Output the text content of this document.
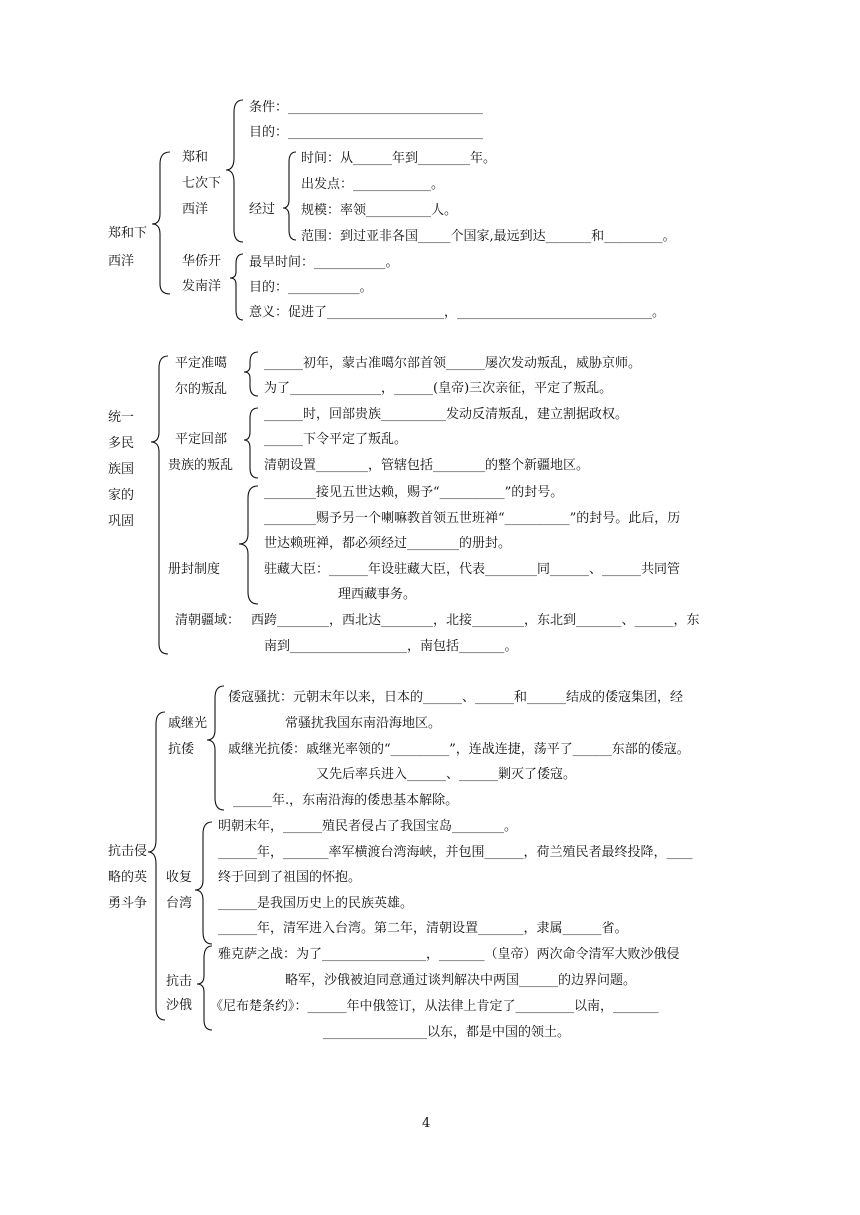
郑和下
西洋
郑和
七次下
西洋
条件：______________________________
目的：______________________________
经过
时间：从______年到________年。
出发点：____________。
规模：率领__________人。
范围：到过亚非各国_____个国家,最远到达_______和_________。
华侨开
发南洋
最早时间：___________。
目的：___________。
意义：促进了__________________，______________________________。
统一
多民
族国
家的
巩固
平定准噶
尔的叛乱
______初年，蒙古准噶尔部首领______屡次发动叛乱，威胁京师。
为了______________，______(皇帝)三次亲征，平定了叛乱。
平定回部
贵族的叛乱
______时，回部贵族__________发动反清叛乱，建立割据政权。
______下令平定了叛乱。
清朝设置________，管辖包括________的整个新疆地区。
册封制度
________接见五世达赖，赐予“__________”的封号。
________赐予另一个喇嘛教首领五世班禅“__________”的封号。此后，历
世达赖班禅，都必须经过________的册封。
驻藏大臣：______年设驻藏大臣，代表________同______、______共同管
理西藏事务。
清朝疆域： 西跨________，西北达________，北接________，东北到_______、______，东
南到__________________，南包括_______。
抗击侵
略的英
勇斗争
戚继光
抗倭
倭寇骚扰：元朝末年以来，日本的______、______和______结成的倭寇集团，经
常骚扰我国东南沿海地区。
戚继光抗倭：戚继光率领的“_________”，连战连捷，荡平了______东部的倭寇。
又先后率兵进入______、______剿灭了倭寇。
______年.，东南沿海的倭患基本解除。
收复
台湾
明朝末年，______殖民者侵占了我国宝岛________。
______年，_______率军横渡台湾海峡，并包围______，荷兰殖民者最终投降，____
终于回到了祖国的怀抱。
______是我国历史上的民族英雄。
______年，清军进入台湾。第二年，清朝设置_______，隶属______省。
抗击
沙俄
雅克萨之战：为了________________，_______（皇帝）两次命令清军大败沙俄侵
略军，沙俄被迫同意通过谈判解决中两国______的边界问题。
《尼布楚条约》：______年中俄签订，从法律上肯定了_________以南，_______
________________以东，都是中国的领土。
4
